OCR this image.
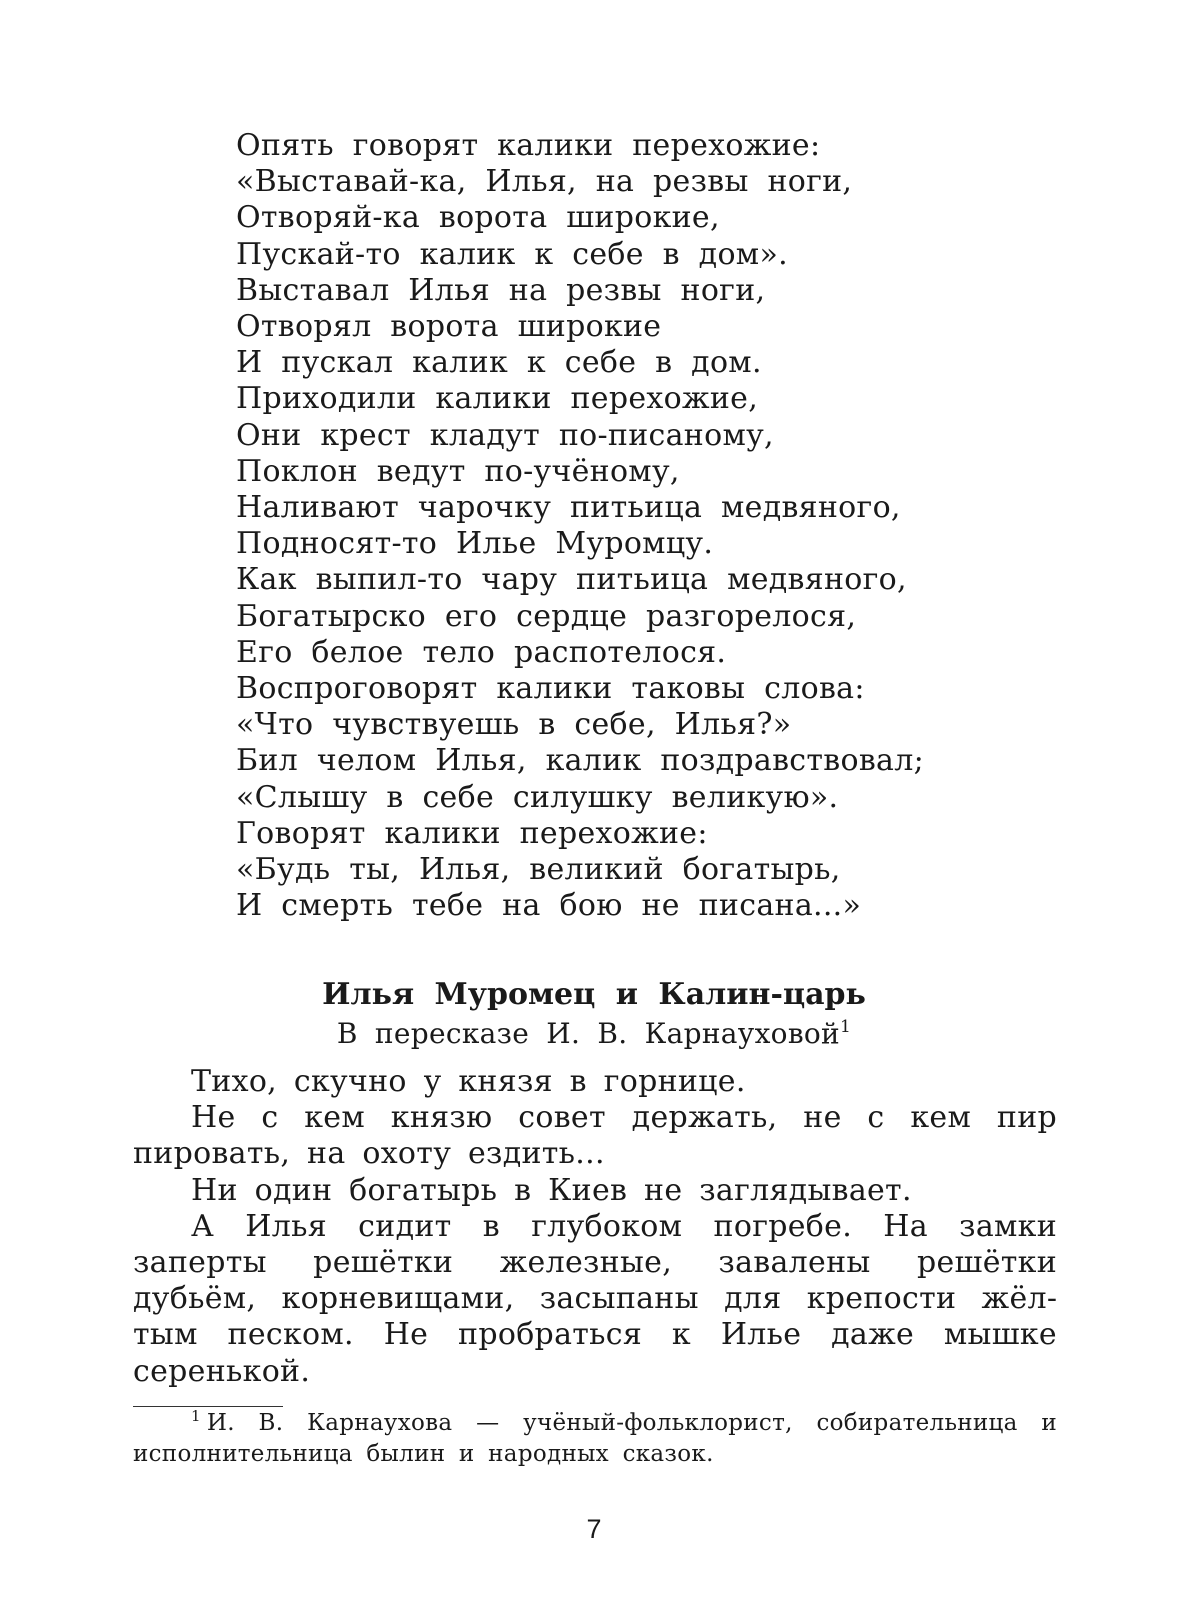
Опять говорят калики перехожие:
«Выставай-ка, Илья, на резвы ноги,
Отворяй-ка ворота широкие,
Пускай-то калик к себе в дом».
Выставал Илья на резвы ноги,
Отворял ворота широкие
И пускал калик к себе в дом.
Приходили калики перехожие,
Они крест кладут по-писаному,
Поклон ведут по-учёному,
Наливают чарочку питьица медвяного,
Подносят-то Илье Муромцу.
Как выпил-то чару питьица медвяного,
Богатырско его сердце разгорелося,
Его белое тело распотелося.
Воспроговорят калики таковы слова:
«Что чувствуешь в себе, Илья?»
Бил челом Илья, калик поздравствовал;
«Слышу в себе силушку великую».
Говорят калики перехожие:
«Будь ты, Илья, великий богатырь,
И смерть тебе на бою не писана...»
Илья Муромец и Калин-царь
В пересказе И. В. Карнауховой$^1$

Тихо, скучно у князя в горнице.

Не с кем князю совет держать, не с кем пир пировать, на охоту ездить...

Ни один богатырь в Киев не заглядывает.

А Илья сидит в глубоком погребе. На замки заперты решётки железные, завалены решётки дубьём, корневищами, засыпаны для крепости жёлтым песком. Не пробраться к Илье даже мышке серенькой.

$^1$ И. В. Карнаухова — учёный-фольклорист, собирательница и исполнительница былин и народных сказок.

7
